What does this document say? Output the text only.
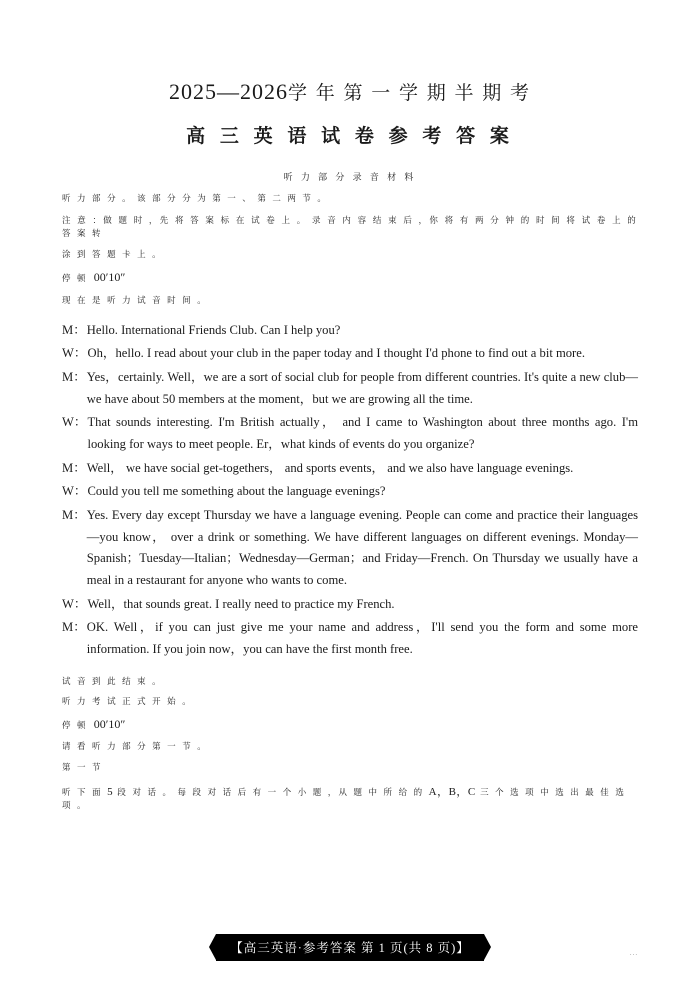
2025—2026学 年 第 一 学 期 半 期 考
高 三 英 语 试 卷 参 考 答 案
听 力 部 分 录 音 材 料
听 力 部 分 。 该 部 分 分 为 第 一 、 第 二 两 节 。
注 意 ：做 题 时 ，先 将 答 案 标 在 试 卷 上 。 录 音 内 容 结 束 后 ，你 将 有 两 分 钟 的 时 间 将 试 卷 上 的 答 案 转
涂 到 答 题 卡 上 。
停 顿 00′10″
现 在 是 听 力 试 音 时 间 。
M： Hello. International Friends Club. Can I help you?
W： Oh，hello. I read about your club in the paper today and I thought I'd phone to find out a bit more.
M： Yes，certainly. Well，we are a sort of social club for people from different countries. It's quite a new club—we have about 50 members at the moment，but we are growing all the time.
W： That sounds interesting. I'm British actually， and I came to Washington about three months ago. I'm looking for ways to meet people. Er，what kinds of events do you organize?
M： Well， we have social get-togethers， and sports events， and we also have language evenings.
W： Could you tell me something about the language evenings?
M： Yes. Every day except Thursday we have a language evening. People can come and practice their languages—you know， over a drink or something. We have different languages on different evenings. Monday—Spanish；Tuesday—Italian；Wednesday—German；and Friday—French. On Thursday we usually have a meal in a restaurant for anyone who wants to come.
W： Well，that sounds great. I really need to practice my French.
M： OK. Well，if you can just give me your name and address，I'll send you the form and some more information. If you join now，you can have the first month free.
试 音 到 此 结 束 。
听 力 考 试 正 式 开 始 。
停 顿 00′10″
请 看 听 力 部 分 第 一 节 。
第 一 节
听 下 面 5 段 对 话 。 每 段 对 话 后 有 一 个 小 题 ，从 题 中 所 给 的 A，B，C 三 个 选 项 中 选 出 最 佳 选 项 。
【高三英语·参考答案 第 1 页(共 8 页)】	···
